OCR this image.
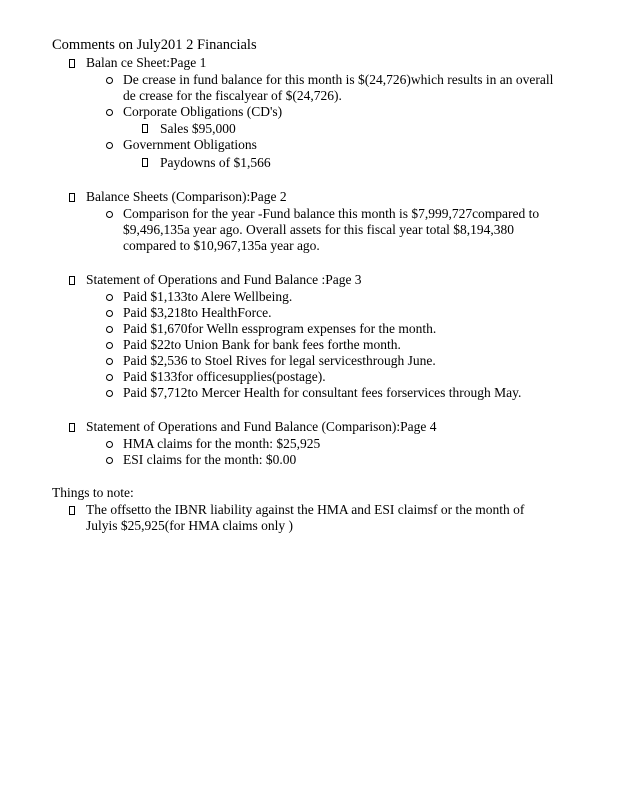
Comments on July201 2 Financials
Balan ce Sheet:Page 1
De crease in fund balance for this month is $(24,726)which results in an overall
de crease for the fiscalyear of $(24,726).
Corporate Obligations (CD's)
Sales $95,000
Government Obligations
Paydowns of $1,566
Balance Sheets (Comparison):Page 2
Comparison for the year -Fund balance this month is $7,999,727compared to
$9,496,135a year ago. Overall assets for this fiscal year total $8,194,380
compared to $10,967,135a year ago.
Statement of Operations and Fund Balance :Page 3
Paid $1,133to Alere Wellbeing.
Paid $3,218to HealthForce.
Paid $1,670for Welln essprogram expenses for the month.
Paid $22to Union Bank for bank fees forthe month.
Paid $2,536 to Stoel Rives for legal servicesthrough June.
Paid $133for officesupplies(postage).
Paid $7,712to Mercer Health for consultant fees forservices through May.
Statement of Operations and Fund Balance (Comparison):Page 4
HMA claims for the month: $25,925
ESI claims for the month: $0.00
Things to note:
The offsetto the IBNR liability against the HMA and ESI claimsf or the month of
Julyis $25,925(for HMA claims only )
